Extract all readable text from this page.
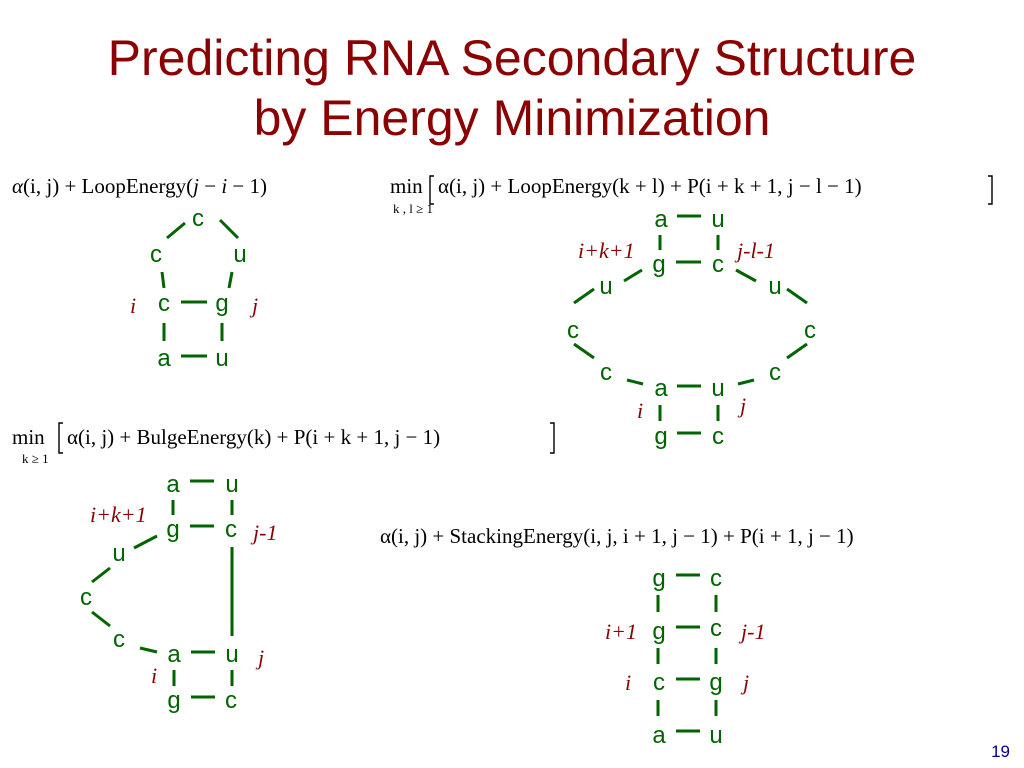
Predicting RNA Secondary Structure
by Energy Minimization
α(i, j) + LoopEnergy(j − i − 1)	min
k , l ≥ 1
α(i, j) + LoopEnergy(k + l) + P(i + k + 1, j − l − 1)
min
k ≥ 1
α(i, j) + BulgeEnergy(k) + P(i + k + 1, j − 1)
α(i, j) + StackingEnergy(i, j, i + 1, j − 1) + P(i + 1, j − 1)
c
c	u
c g
a u
i	j
a u
g c
u	u
c	c
c	c
a u
g c
i+k+1	j-l-1
i	j
a u
g c
u
c
c
a u
g c
i+k+1
j-1
i
j
g c
g c
c g
a u
i+1	j-1
i	j
19
